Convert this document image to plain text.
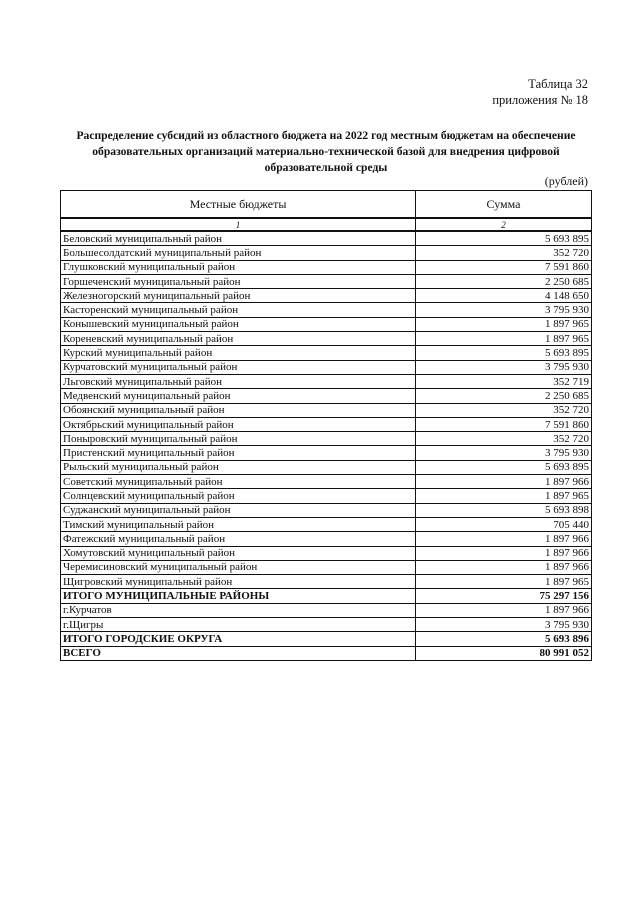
Таблица 32
приложения № 18
Распределение субсидий из областного бюджета на 2022 год местным бюджетам на обеспечение образовательных организаций материально-технической базой для внедрения цифровой образовательной среды
(рублей)
Местные бюджеты	Сумма
1	2
Беловский муниципальный район	5 693 895
Большесолдатский муниципальный район	352 720
Глушковский муниципальный район	7 591 860
Горшеченский муниципальный район	2 250 685
Железногорский муниципальный район	4 148 650
Касторенский муниципальный район	3 795 930
Конышевский муниципальный район	1 897 965
Кореневский муниципальный район	1 897 965
Курский муниципальный район	5 693 895
Курчатовский муниципальный район	3 795 930
Льговский муниципальный район	352 719
Медвенский муниципальный район	2 250 685
Обоянский муниципальный район	352 720
Октябрьский муниципальный район	7 591 860
Поныровский муниципальный район	352 720
Пристенский муниципальный район	3 795 930
Рыльский муниципальный район	5 693 895
Советский муниципальный район	1 897 966
Солнцевский муниципальный район	1 897 965
Суджанский муниципальный район	5 693 898
Тимский муниципальный район	705 440
Фатежский муниципальный район	1 897 966
Хомутовский муниципальный район	1 897 966
Черемисиновский муниципальный район	1 897 966
Щигровский муниципальный район	1 897 965
ИТОГО МУНИЦИПАЛЬНЫЕ РАЙОНЫ	75 297 156
г.Курчатов	1 897 966
г.Щигры	3 795 930
ИТОГО ГОРОДСКИЕ ОКРУГА	5 693 896
ВСЕГО	80 991 052
